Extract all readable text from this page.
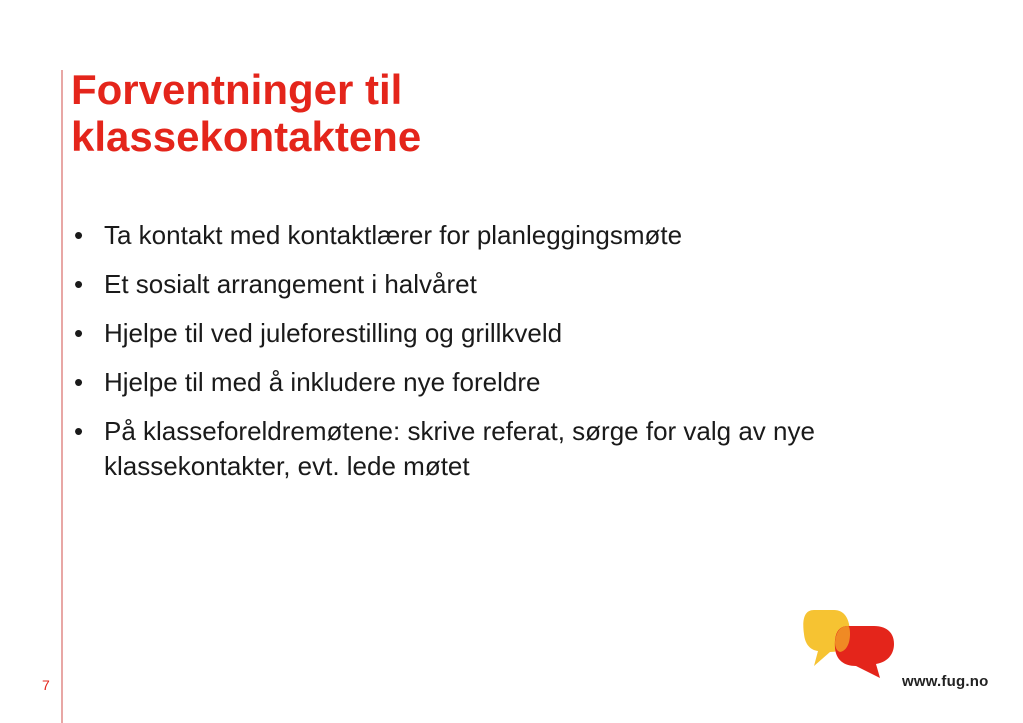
Forventninger til
klassekontaktene
• Ta kontakt med kontaktlærer for planleggingsmøte
• Et sosialt arrangement i halvåret
• Hjelpe til ved juleforestilling og grillkveld
• Hjelpe til med å inkludere nye foreldre
• På klasseforeldremøtene: skrive referat, sørge for valg av nye klassekontakter, evt. lede møtet
7	www.fug.no
